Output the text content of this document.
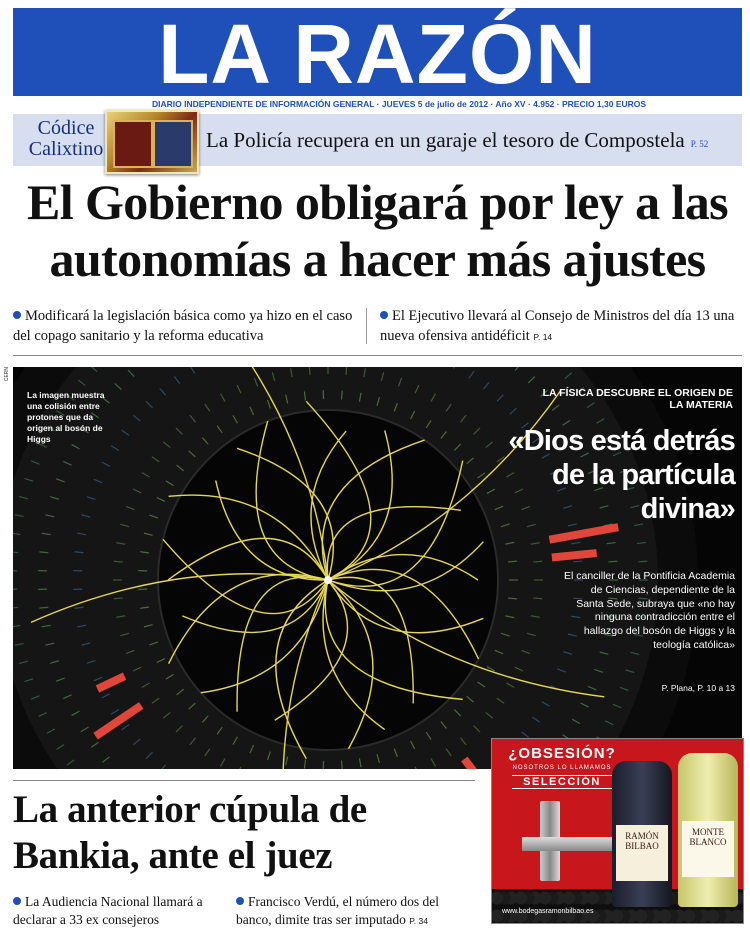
LA RAZÓN
DIARIO INDEPENDIENTE DE INFORMACIÓN GENERAL · JUEVES 5 de julio de 2012 · Año XV · 4.952 · PRECIO 1,30 EUROS
Códice
Calixtino	La Policía recupera en un garaje el tesoro de Compostela P. 52
El Gobierno obligará por ley a las autonomías a hacer más ajustes
Modificará la legislación básica como ya hizo en el caso del copago sanitario y la reforma educativa
El Ejecutivo llevará al Consejo de Ministros del día 13 una nueva ofensiva antidéficit P. 14
CERN
La imagen muestra una colisión entre protones que da origen al bosón de Higgs
LA FÍSICA DESCUBRE EL ORIGEN DE LA MATERIA
«Dios está detrás de la partícula divina»
El canciller de la Pontificia Academia de Ciencias, dependiente de la Santa Sede, subraya que «no hay ninguna contradicción entre el hallazgo del bosón de Higgs y la teología católica»
P. Plana, P. 10 a 13
La anterior cúpula de Bankia, ante el juez
La Audiencia Nacional llamará a declarar a 33 ex consejeros
Francisco Verdú, el número dos del banco, dimite tras ser imputado P. 34
¿OBSESIÓN?
NOSOTROS LO LLAMAMOS
SELECCIÓN
RAMÓN BILBAO
MONTE BLANCO
www.bodegasramonbilbao.es
